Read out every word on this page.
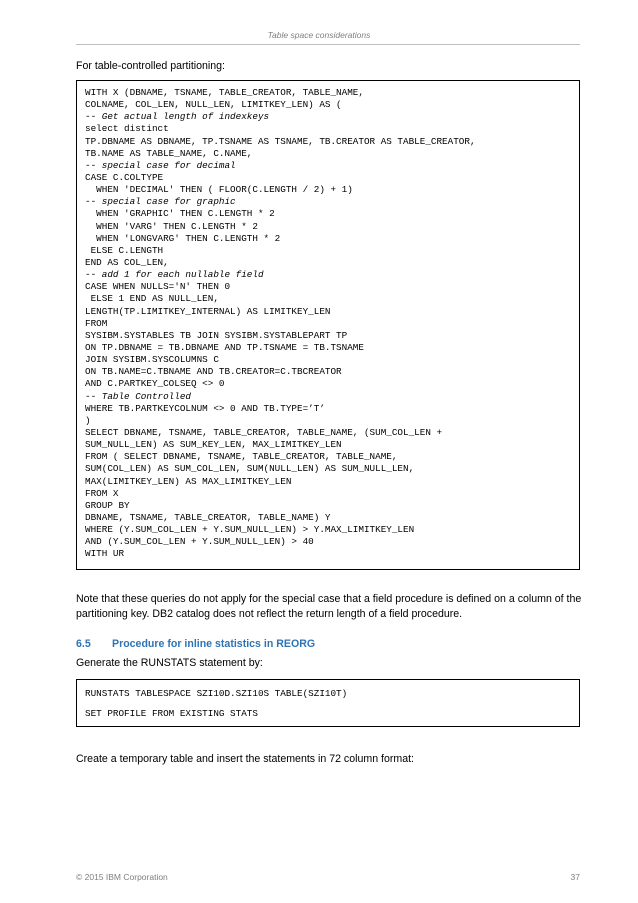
Table space considerations
For table-controlled partitioning:
WITH X (DBNAME, TSNAME, TABLE_CREATOR, TABLE_NAME,
COLNAME, COL_LEN, NULL_LEN, LIMITKEY_LEN) AS (
-- Get actual length of indexkeys
select distinct
TP.DBNAME AS DBNAME, TP.TSNAME AS TSNAME, TB.CREATOR AS TABLE_CREATOR,
TB.NAME AS TABLE_NAME, C.NAME,
-- special case for decimal
CASE C.COLTYPE
WHEN 'DECIMAL' THEN ( FLOOR(C.LENGTH / 2) + 1)
-- special case for graphic
WHEN 'GRAPHIC' THEN C.LENGTH * 2
WHEN 'VARG' THEN C.LENGTH * 2
WHEN 'LONGVARG' THEN C.LENGTH * 2
ELSE C.LENGTH
END AS COL_LEN,
-- add 1 for each nullable field
CASE WHEN NULLS='N' THEN 0
ELSE 1 END AS NULL_LEN,
LENGTH(TP.LIMITKEY_INTERNAL) AS LIMITKEY_LEN
FROM
SYSIBM.SYSTABLES TB JOIN SYSIBM.SYSTABLEPART TP
ON TP.DBNAME = TB.DBNAME AND TP.TSNAME = TB.TSNAME
JOIN SYSIBM.SYSCOLUMNS C
ON TB.NAME=C.TBNAME AND TB.CREATOR=C.TBCREATOR
AND C.PARTKEY_COLSEQ <> 0
-- Table Controlled
WHERE TB.PARTKEYCOLNUM <> 0 AND TB.TYPE=’T’
)
SELECT DBNAME, TSNAME, TABLE_CREATOR, TABLE_NAME, (SUM_COL_LEN +
SUM_NULL_LEN) AS SUM_KEY_LEN, MAX_LIMITKEY_LEN
FROM ( SELECT DBNAME, TSNAME, TABLE_CREATOR, TABLE_NAME,
SUM(COL_LEN) AS SUM_COL_LEN, SUM(NULL_LEN) AS SUM_NULL_LEN,
MAX(LIMITKEY_LEN) AS MAX_LIMITKEY_LEN
FROM X
GROUP BY
DBNAME, TSNAME, TABLE_CREATOR, TABLE_NAME) Y
WHERE (Y.SUM_COL_LEN + Y.SUM_NULL_LEN) > Y.MAX_LIMITKEY_LEN
AND (Y.SUM_COL_LEN + Y.SUM_NULL_LEN) > 40
WITH UR
Note that these queries do not apply for the special case that a field procedure is defined on a column of the partitioning key. DB2 catalog does not reflect the return length of a field procedure.
6.5 Procedure for inline statistics in REORG
Generate the RUNSTATS statement by:
RUNSTATS TABLESPACE SZI10D.SZI10S TABLE(SZI10T)
SET PROFILE FROM EXISTING STATS
Create a temporary table and insert the statements in 72 column format:
© 2015 IBM Corporation	37
